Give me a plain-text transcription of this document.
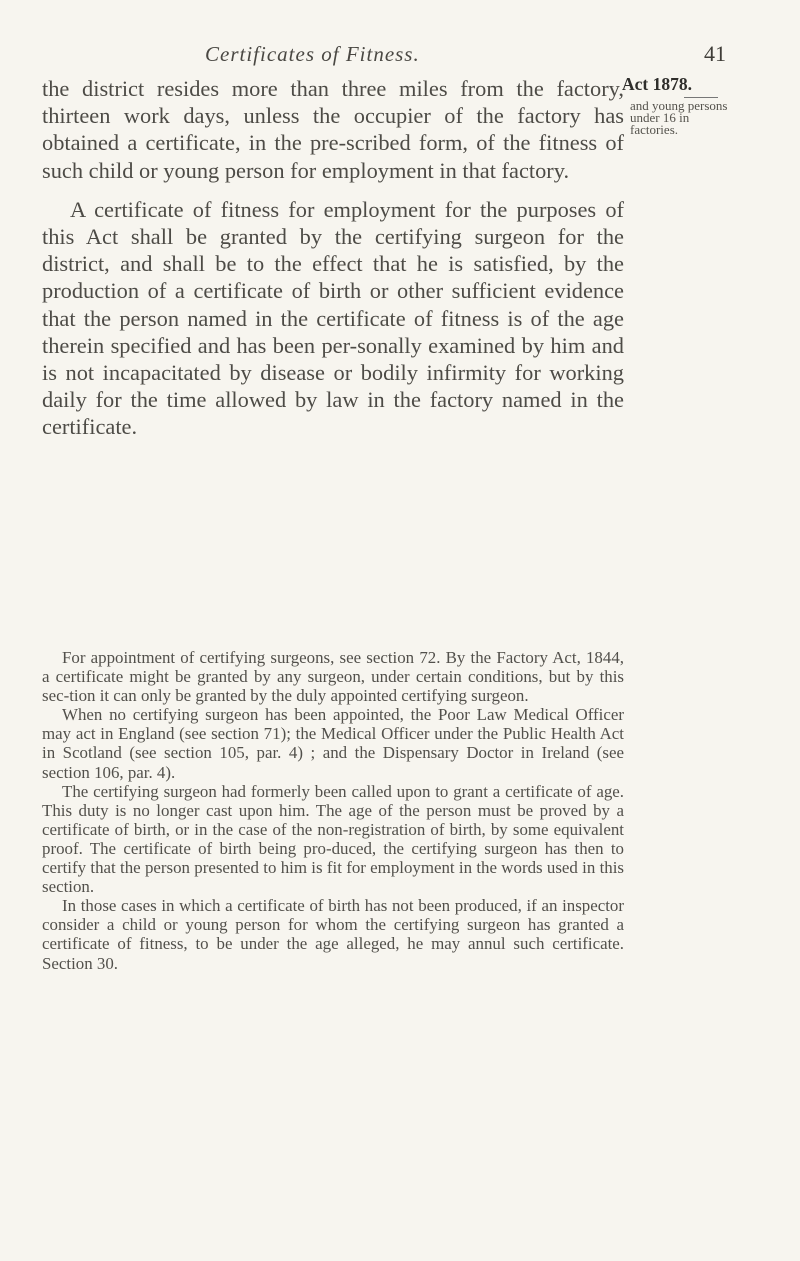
Certificates of Fitness.	41
Act 1878.
and young persons under 16 in factories.

the district resides more than three miles from the factory, thirteen work days, unless the occupier of the factory has obtained a certificate, in the pre-scribed form, of the fitness of such child or young person for employment in that factory.

A certificate of fitness for employment for the purposes of this Act shall be granted by the certifying surgeon for the district, and shall be to the effect that he is satisfied, by the production of a certificate of birth or other sufficient evidence that the person named in the certificate of fitness is of the age therein specified and has been per-sonally examined by him and is not incapacitated by disease or bodily infirmity for working daily for the time allowed by law in the factory named in the certificate.

For appointment of certifying surgeons, see section 72. By the Factory Act, 1844, a certificate might be granted by any surgeon, under certain conditions, but by this sec-tion it can only be granted by the duly appointed certifying surgeon.

When no certifying surgeon has been appointed, the Poor Law Medical Officer may act in England (see section 71); the Medical Officer under the Public Health Act in Scotland (see section 105, par. 4) ; and the Dispensary Doctor in Ireland (see section 106, par. 4).

The certifying surgeon had formerly been called upon to grant a certificate of age. This duty is no longer cast upon him. The age of the person must be proved by a certificate of birth, or in the case of the non-registration of birth, by some equivalent proof. The certificate of birth being pro-duced, the certifying surgeon has then to certify that the person presented to him is fit for employment in the words used in this section.

In those cases in which a certificate of birth has not been produced, if an inspector consider a child or young person for whom the certifying surgeon has granted a certificate of fitness, to be under the age alleged, he may annul such certificate. Section 30.
